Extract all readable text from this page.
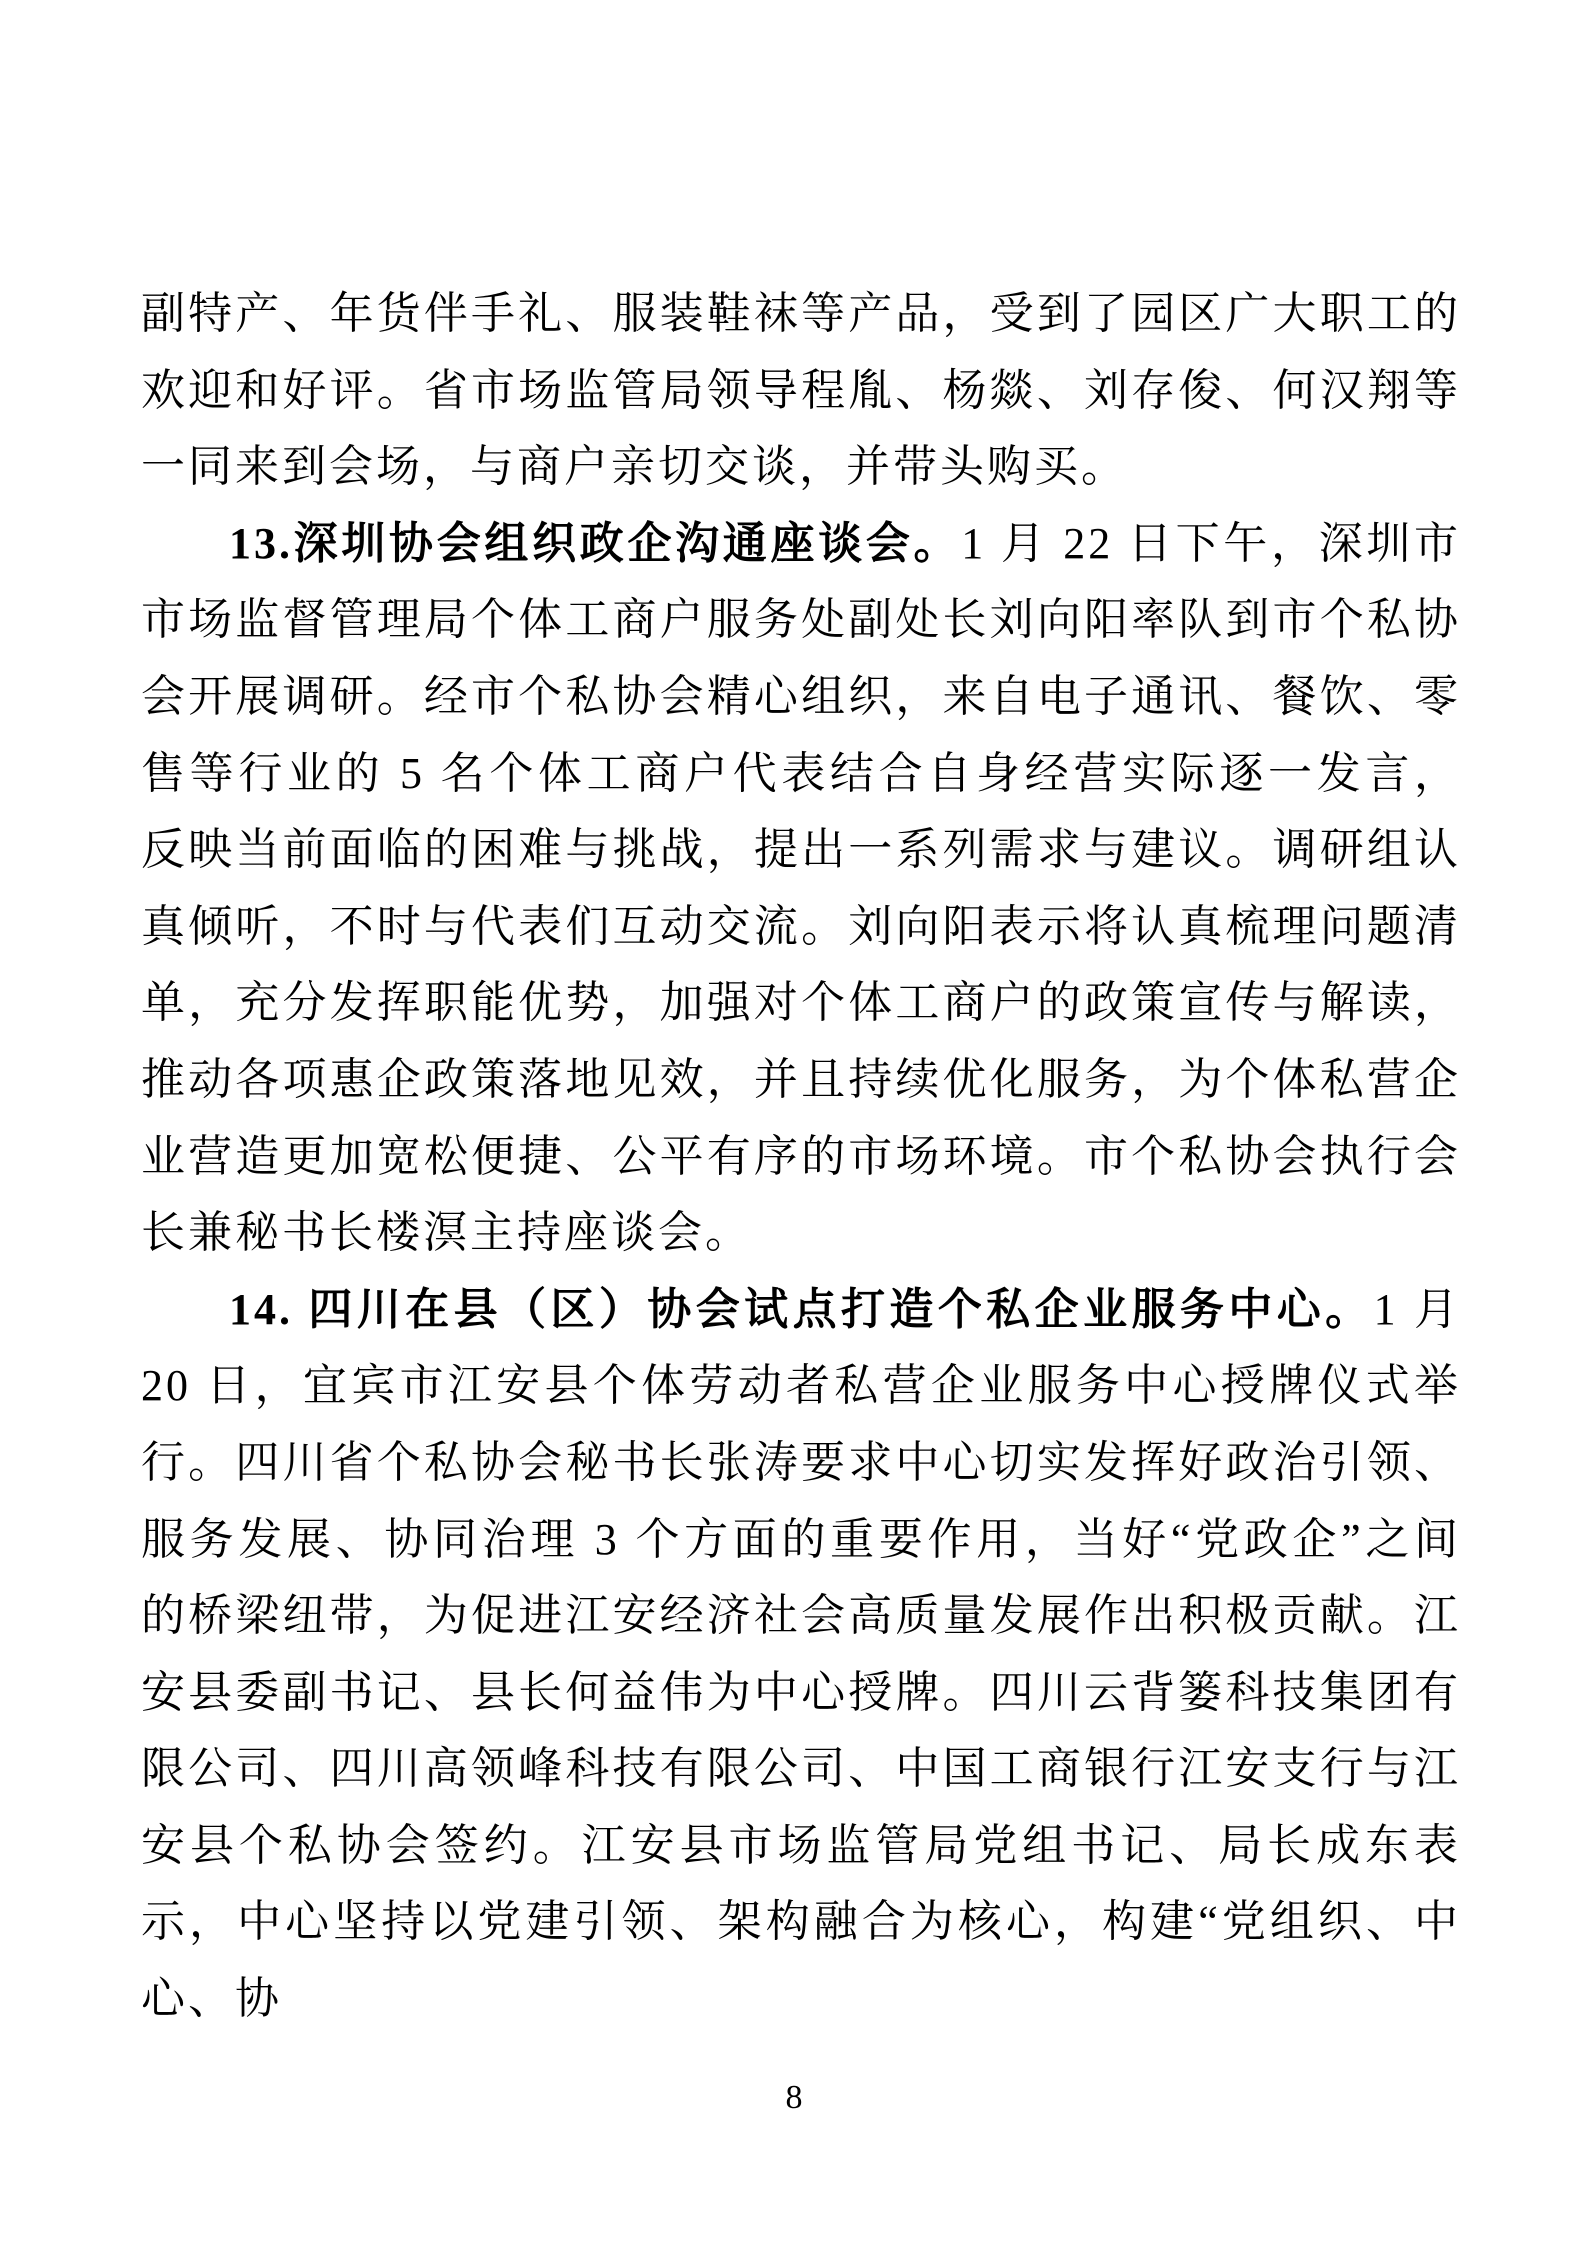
副特产、年货伴手礼、服装鞋袜等产品，受到了园区广大职工的欢迎和好评。省市场监管局领导程胤、杨燚、刘存俊、何汉翔等一同来到会场，与商户亲切交谈，并带头购买。

13.深圳协会组织政企沟通座谈会。1 月 22 日下午，深圳市市场监督管理局个体工商户服务处副处长刘向阳率队到市个私协会开展调研。经市个私协会精心组织，来自电子通讯、餐饮、零售等行业的 5 名个体工商户代表结合自身经营实际逐一发言，反映当前面临的困难与挑战，提出一系列需求与建议。调研组认真倾听，不时与代表们互动交流。刘向阳表示将认真梳理问题清单，充分发挥职能优势，加强对个体工商户的政策宣传与解读，推动各项惠企政策落地见效，并且持续优化服务，为个体私营企业营造更加宽松便捷、公平有序的市场环境。市个私协会执行会长兼秘书长楼溟主持座谈会。

14. 四川在县（区）协会试点打造个私企业服务中心。1 月 20 日，宜宾市江安县个体劳动者私营企业服务中心授牌仪式举行。四川省个私协会秘书长张涛要求中心切实发挥好政治引领、服务发展、协同治理 3 个方面的重要作用，当好“党政企”之间的桥梁纽带，为促进江安经济社会高质量发展作出积极贡献。江安县委副书记、县长何益伟为中心授牌。四川云背篓科技集团有限公司、四川高领峰科技有限公司、中国工商银行江安支行与江安县个私协会签约。江安县市场监管局党组书记、局长成东表示，中心坚持以党建引领、架构融合为核心，构建“党组织、中心、协

8
